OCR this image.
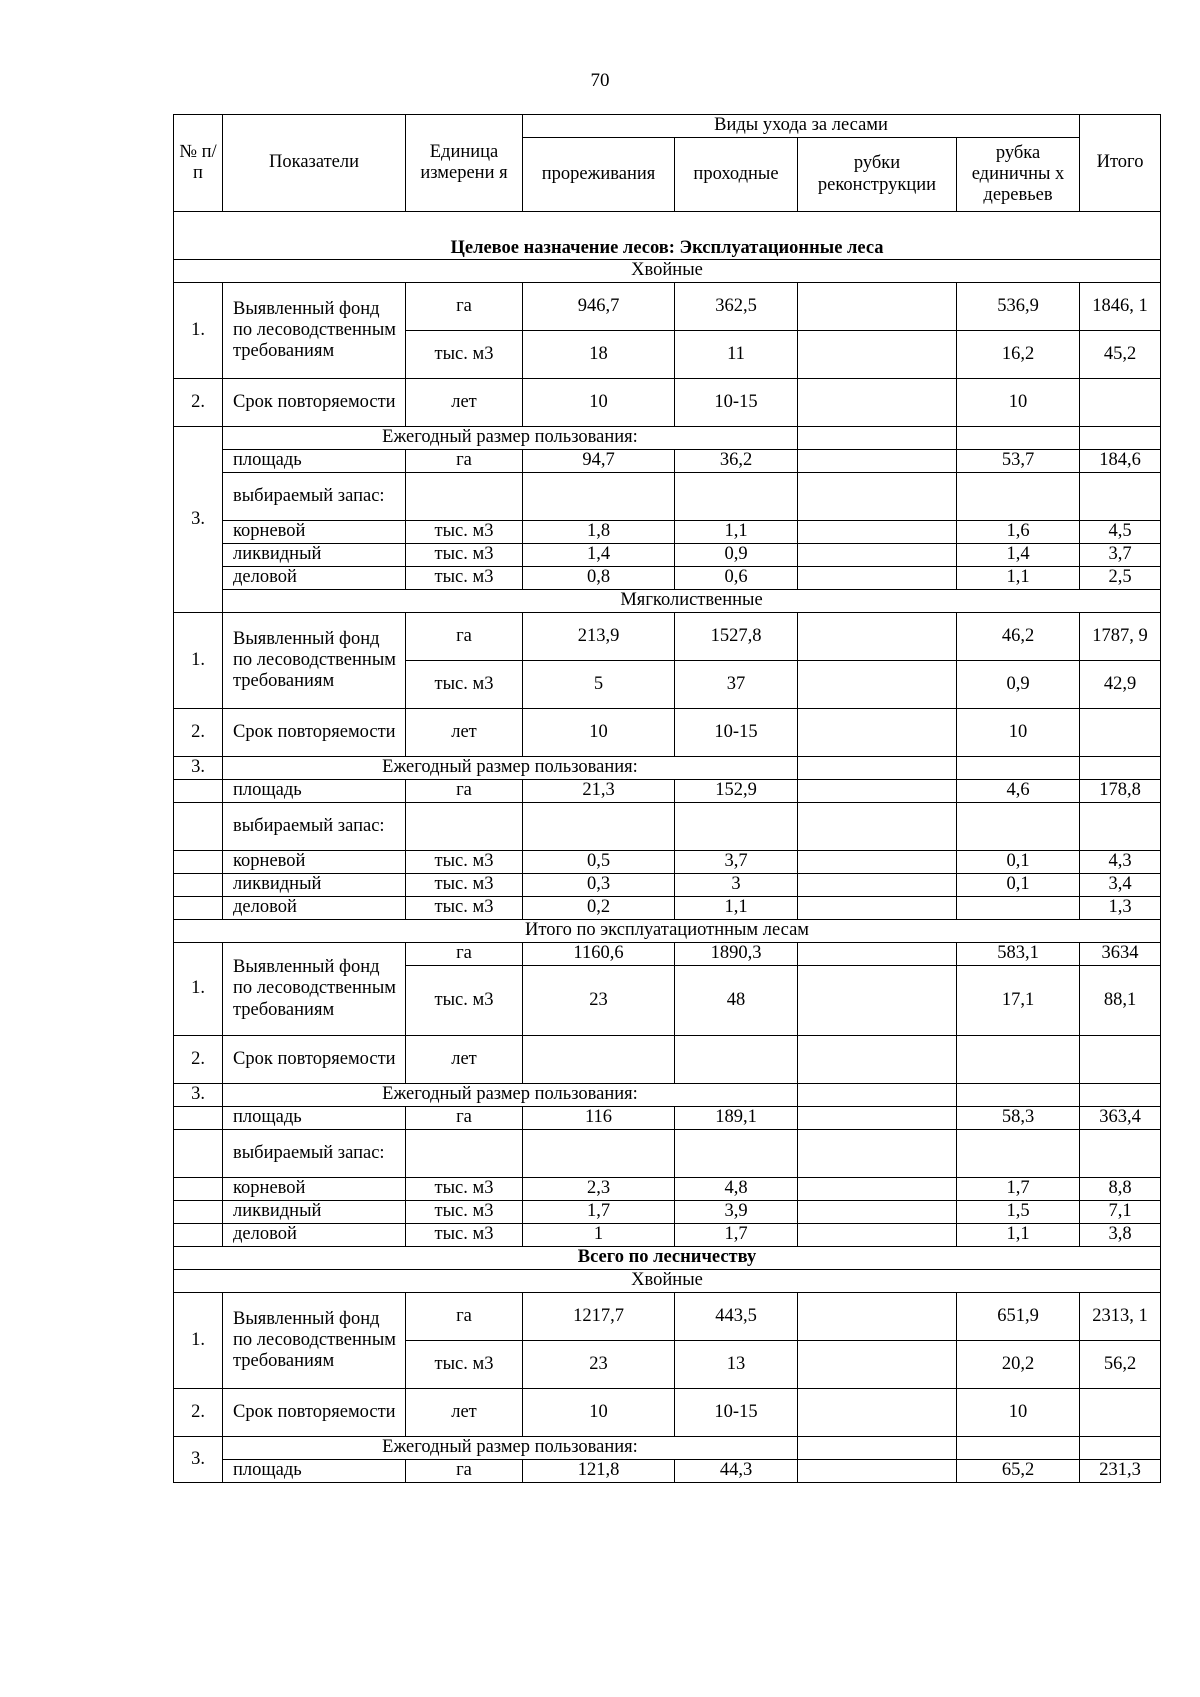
70
№ п/ п	Показатели	Единица измерени я	Виды ухода за лесами				Итого
			прореживания	проходные	рубки реконструкции	рубка единичны х деревьев	
Целевое назначение лесов: Эксплуатационные леса							
Хвойные							
1.	Выявленный фонд по лесоводственным требованиям	га	946,7	362,5		536,9	1846, 1
		тыс. м3	18	11		16,2	45,2
2.	Срок повторяемости	лет	10	10-15		10	
3.	Ежегодный размер пользования:						
	площадь	га	94,7	36,2		53,7	184,6
	выбираемый запас:						
	корневой	тыс. м3	1,8	1,1		1,6	4,5
	ликвидный	тыс. м3	1,4	0,9		1,4	3,7
	деловой	тыс. м3	0,8	0,6		1,1	2,5
	Мягколиственные						
1.	Выявленный фонд по лесоводственным требованиям	га	213,9	1527,8		46,2	1787, 9
		тыс. м3	5	37		0,9	42,9
2.	Срок повторяемости	лет	10	10-15		10	
3.	Ежегодный размер пользования:						
	площадь	га	21,3	152,9		4,6	178,8
	выбираемый запас:						
	корневой	тыс. м3	0,5	3,7		0,1	4,3
	ликвидный	тыс. м3	0,3	3		0,1	3,4
	деловой	тыс. м3	0,2	1,1			1,3
Итого по эксплуатациотнным лесам							
1.	Выявленный фонд по лесоводственным требованиям	га	1160,6	1890,3		583,1	3634
		тыс. м3	23	48		17,1	88,1
2.	Срок повторяемости	лет					
3.	Ежегодный размер пользования:						
	площадь	га	116	189,1		58,3	363,4
	выбираемый запас:						
	корневой	тыс. м3	2,3	4,8		1,7	8,8
	ликвидный	тыс. м3	1,7	3,9		1,5	7,1
	деловой	тыс. м3	1	1,7		1,1	3,8
Всего по лесничеству							
Хвойные							
1.	Выявленный фонд по лесоводственным требованиям	га	1217,7	443,5		651,9	2313, 1
		тыс. м3	23	13		20,2	56,2
2.	Срок повторяемости	лет	10	10-15		10	
3.	Ежегодный размер пользования:						
	площадь	га	121,8	44,3		65,2	231,3
